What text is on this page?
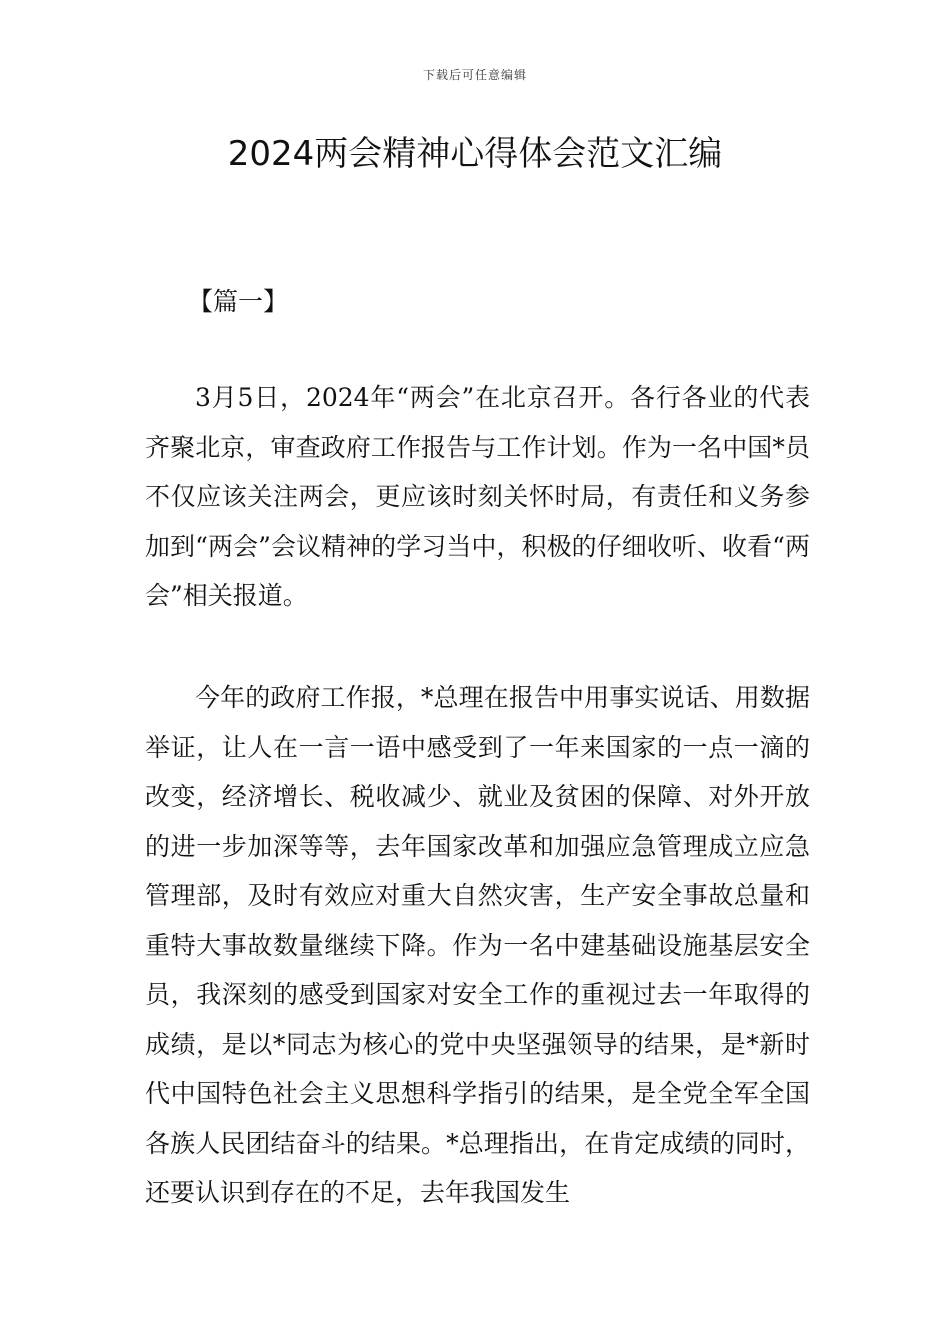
下载后可任意编辑
2024两会精神心得体会范文汇编

【篇一】

3月5日，2024年“两会”在北京召开。各行各业的代表齐聚北京，审查政府工作报告与工作计划。作为一名中国*员不仅应该关注两会，更应该时刻关怀时局，有责任和义务参加到“两会”会议精神的学习当中，积极的仔细收听、收看“两会”相关报道。

今年的政府工作报，*总理在报告中用事实说话、用数据举证，让人在一言一语中感受到了一年来国家的一点一滴的改变，经济增长、税收减少、就业及贫困的保障、对外开放的进一步加深等等，去年国家改革和加强应急管理成立应急管理部，及时有效应对重大自然灾害，生产安全事故总量和重特大事故数量继续下降。作为一名中建基础设施基层安全员，我深刻的感受到国家对安全工作的重视过去一年取得的成绩，是以*同志为核心的党中央坚强领导的结果，是*新时代中国特色社会主义思想科学指引的结果，是全党全军全国各族人民团结奋斗的结果。*总理指出，在肯定成绩的同时，还要认识到存在的不足，去年我国发生
